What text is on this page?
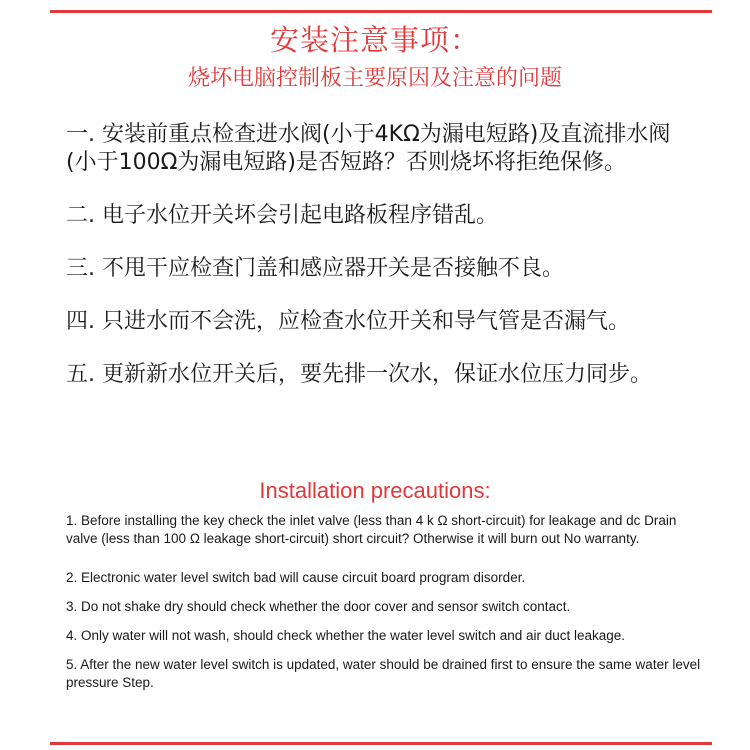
安装注意事项：
烧坏电脑控制板主要原因及注意的问题
一. 安装前重点检查进水阀(小于4KΩ为漏电短路)及直流排水阀 (小于100Ω为漏电短路)是否短路？否则烧坏将拒绝保修。
二. 电子水位开关坏会引起电路板程序错乱。
三. 不甩干应检查门盖和感应器开关是否接触不良。
四. 只进水而不会洗，应检查水位开关和导气管是否漏气。
五. 更新新水位开关后，要先排一次水，保证水位压力同步。
Installation precautions:
1. Before installing the key check the inlet valve (less than 4 k Ω short-circuit) for leakage and dc Drain valve (less than 100 Ω leakage short-circuit) short circuit? Otherwise it will burn out No warranty.
2. Electronic water level switch bad will cause circuit board program disorder.
3. Do not shake dry should check whether the door cover and sensor switch contact.
4. Only water will not wash, should check whether the water level switch and air duct leakage.
5. After the new water level switch is updated, water should be drained first to ensure the same water level pressure Step.
